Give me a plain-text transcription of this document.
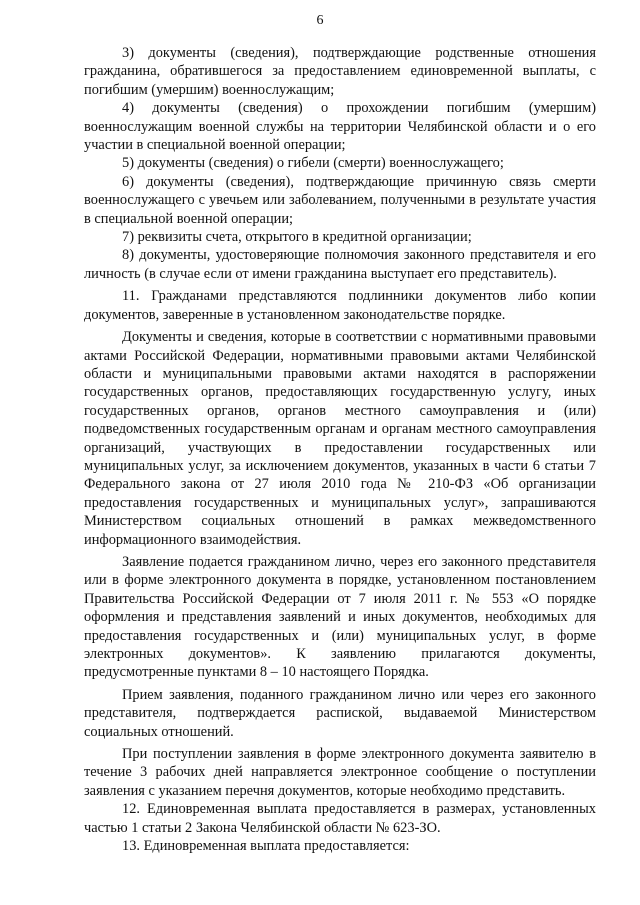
6

3) документы (сведения), подтверждающие родственные отношения гражданина, обратившегося за предоставлением единовременной выплаты, с погибшим (умершим) военнослужащим;

4) документы (сведения) о прохождении погибшим (умершим) военнослужащим военной службы на территории Челябинской области и о его участии в специальной военной операции;

5) документы (сведения) о гибели (смерти) военнослужащего;

6) документы (сведения), подтверждающие причинную связь смерти военнослужащего с увечьем или заболеванием, полученными в результате участия в специальной военной операции;

7) реквизиты счета, открытого в кредитной организации;

8) документы, удостоверяющие полномочия законного представителя и его личность (в случае если от имени гражданина выступает его представитель).

11. Гражданами представляются подлинники документов либо копии документов, заверенные в установленном законодательстве порядке.

Документы и сведения, которые в соответствии с нормативными правовыми актами Российской Федерации, нормативными правовыми актами Челябинской области и муниципальными правовыми актами находятся в распоряжении государственных органов, предоставляющих государственную услугу, иных государственных органов, органов местного самоуправления и (или) подведомственных государственным органам и органам местного самоуправления организаций, участвующих в предоставлении государственных или муниципальных услуг, за исключением документов, указанных в части 6 статьи 7 Федерального закона от 27 июля 2010 года № 210-ФЗ «Об организации предоставления государственных и муниципальных услуг», запрашиваются Министерством социальных отношений в рамках межведомственного информационного взаимодействия.

Заявление подается гражданином лично, через его законного представителя или в форме электронного документа в порядке, установленном постановлением Правительства Российской Федерации от 7 июля 2011 г. № 553 «О порядке оформления и представления заявлений и иных документов, необходимых для предоставления государственных и (или) муниципальных услуг, в форме электронных документов». К заявлению прилагаются документы, предусмотренные пунктами 8 – 10 настоящего Порядка.

Прием заявления, поданного гражданином лично или через его законного представителя, подтверждается распиской, выдаваемой Министерством социальных отношений.

При поступлении заявления в форме электронного документа заявителю в течение 3 рабочих дней направляется электронное сообщение о поступлении заявления с указанием перечня документов, которые необходимо представить.

12. Единовременная выплата предоставляется в размерах, установленных частью 1 статьи 2 Закона Челябинской области № 623-ЗО.

13. Единовременная выплата предоставляется:
